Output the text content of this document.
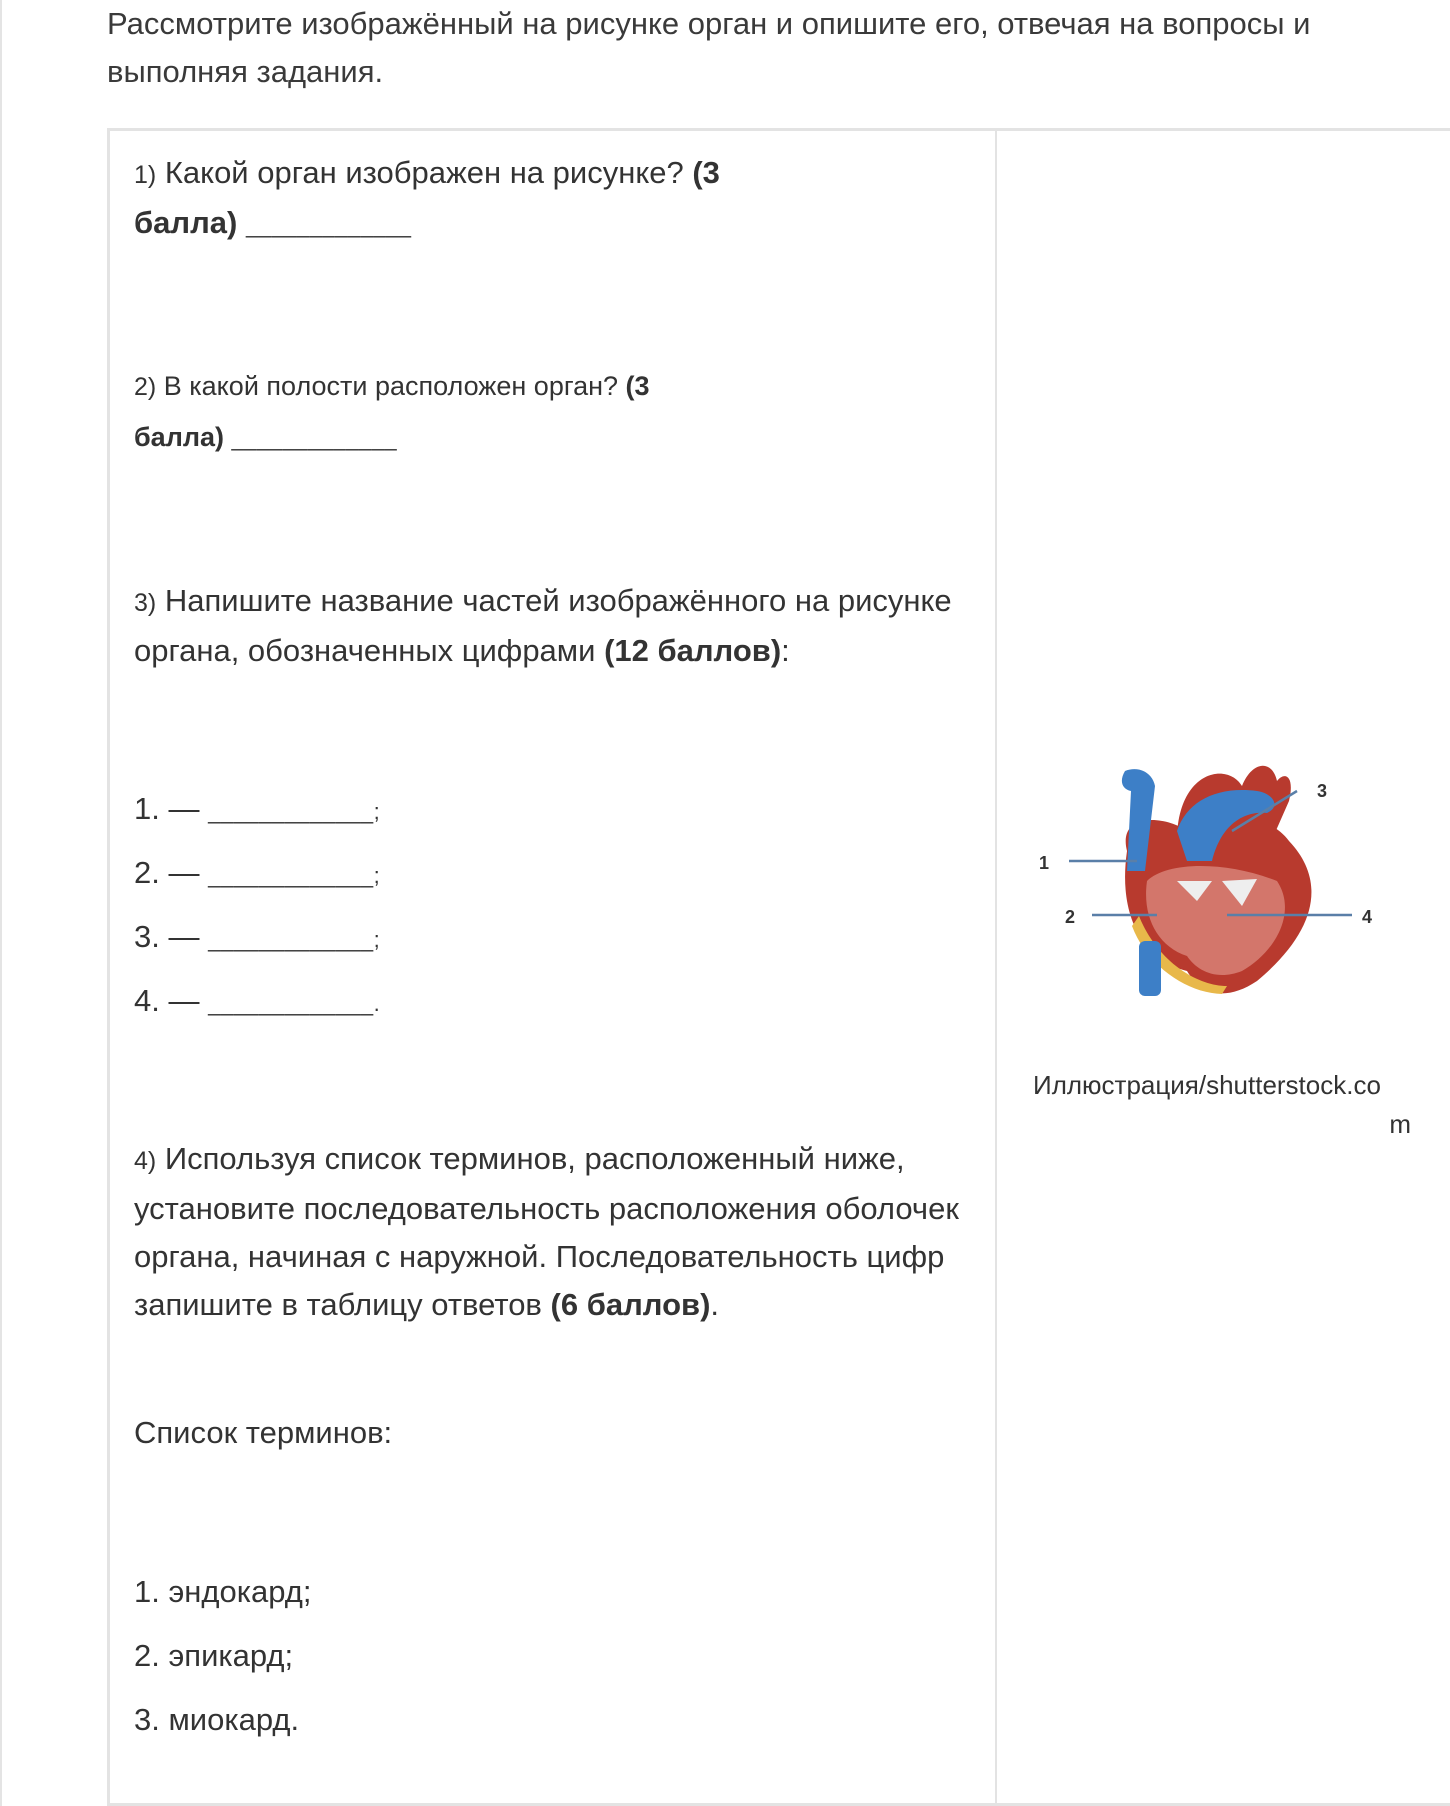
Рассмотрите изображённый на рисунке орган и опишите его, отвечая на вопросы и выполняя задания.
1) Какой орган изображен на рисунке? (3 балла) _____________
2) В какой полости расположен орган? (3 балла) _____________
3) Напишите название частей изображённого на рисунке органа, обозначенных цифрами (12 баллов):
1. — _____________;
2. — _____________;
3. — _____________;
4. — _____________.
4) Используя список терминов, расположенный ниже, установите последовательность расположения оболочек органа, начиная с наружной. Последовательность цифр запишите в таблицу ответов (6 баллов).
Список терминов:
1. эндокард;
2. эпикард;
3. миокард.
1
2
3
4
Иллюстрация/shutterstock.co
m
